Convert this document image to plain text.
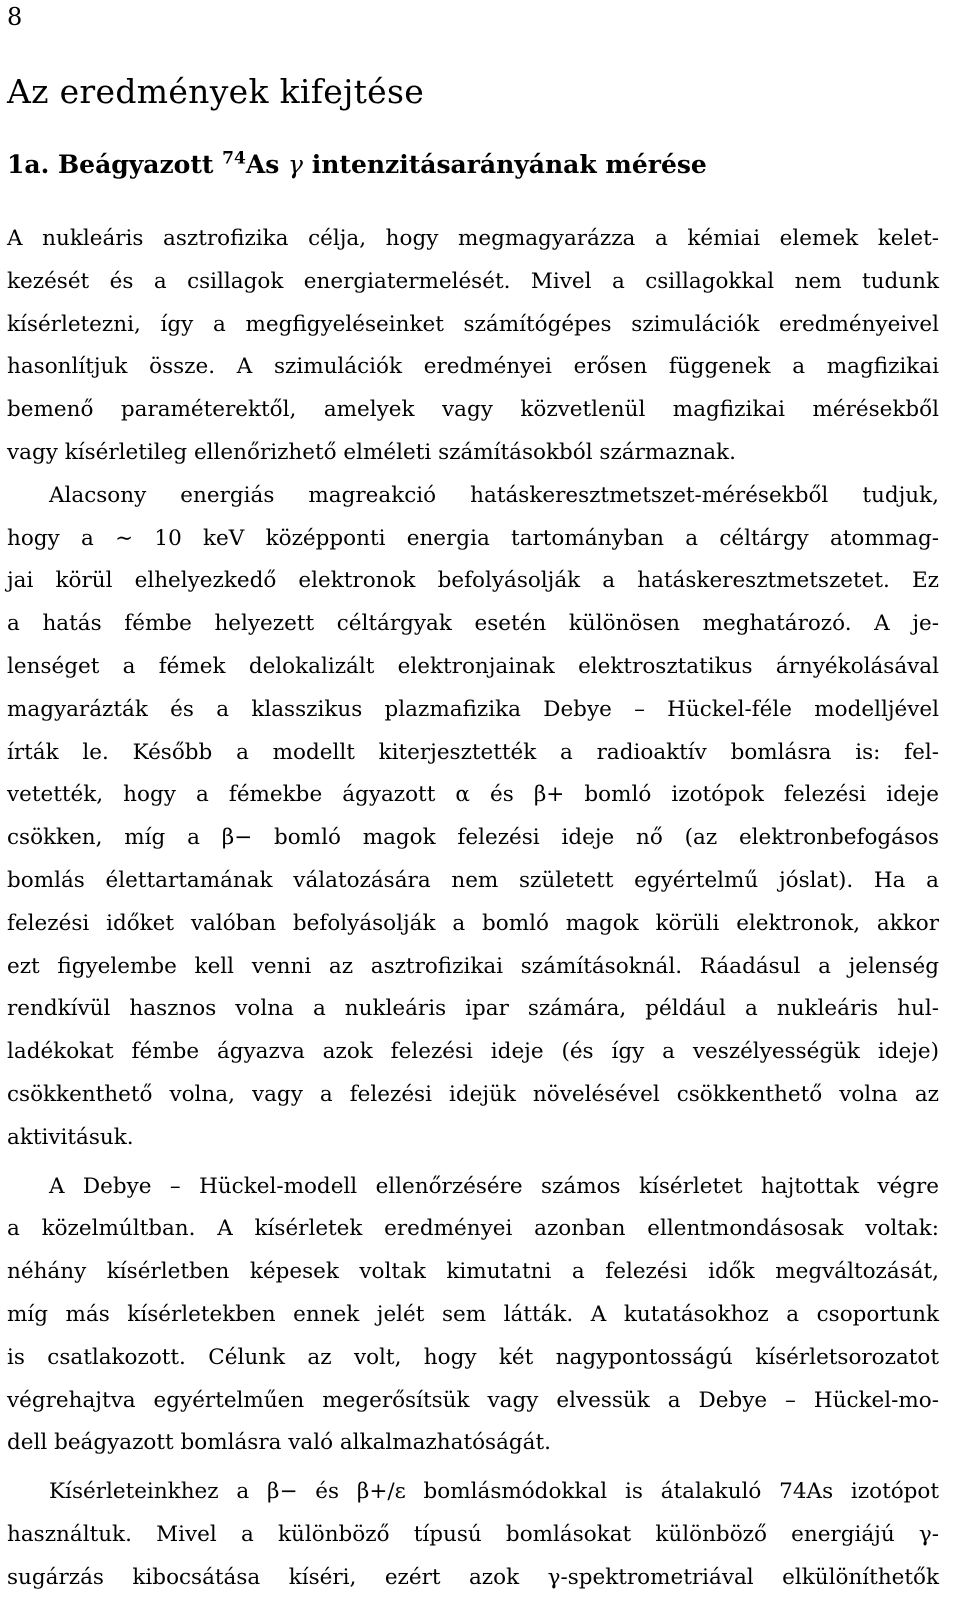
8
Az eredmények kifejtése
1a. Beágyazott $^{74}$As γ intenzitásarányának mérése
A nukleáris asztrofizika célja, hogy megmagyarázza a kémiai elemek kelet-
kezését és a csillagok energiatermelését. Mivel a csillagokkal nem tudunk
kísérletezni, így a megfigyeléseinket számítógépes szimulációk eredményeivel
hasonlítjuk össze. A szimulációk eredményei erősen függenek a magfizikai
bemenő paraméterektől, amelyek vagy közvetlenül magfizikai mérésekből
vagy kísérletileg ellenőrizhető elméleti számításokból származnak.
Alacsony energiás magreakció hatáskeresztmetszet-mérésekből tudjuk,
hogy a ∼ 10 keV középponti energia tartományban a céltárgy atommag-
jai körül elhelyezkedő elektronok befolyásolják a hatáskeresztmetszetet. Ez
a hatás fémbe helyezett céltárgyak esetén különösen meghatározó. A je-
lenséget a fémek delokalizált elektronjainak elektrosztatikus árnyékolásával
magyarázták és a klasszikus plazmafizika Debye – Hückel-féle modelljével
írták le. Később a modellt kiterjesztették a radioaktív bomlásra is: fel-
vetették, hogy a fémekbe ágyazott α és β+ bomló izotópok felezési ideje
csökken, míg a β− bomló magok felezési ideje nő (az elektronbefogásos
bomlás élettartamának válatozására nem született egyértelmű jóslat). Ha a
felezési időket valóban befolyásolják a bomló magok körüli elektronok, akkor
ezt figyelembe kell venni az asztrofizikai számításoknál. Ráadásul a jelenség
rendkívül hasznos volna a nukleáris ipar számára, például a nukleáris hul-
ladékokat fémbe ágyazva azok felezési ideje (és így a veszélyességük ideje)
csökkenthető volna, vagy a felezési idejük növelésével csökkenthető volna az
aktivitásuk.
A Debye – Hückel-modell ellenőrzésére számos kísérletet hajtottak végre
a közelmúltban. A kísérletek eredményei azonban ellentmondásosak voltak:
néhány kísérletben képesek voltak kimutatni a felezési idők megváltozását,
míg más kísérletekben ennek jelét sem látták. A kutatásokhoz a csoportunk
is csatlakozott. Célunk az volt, hogy két nagypontosságú kísérletsorozatot
végrehajtva egyértelműen megerősítsük vagy elvessük a Debye – Hückel-mo-
dell beágyazott bomlásra való alkalmazhatóságát.
Kísérleteinkhez a β− és β+/ε bomlásmódokkal is átalakuló 74As izotópot
használtuk. Mivel a különböző típusú bomlásokat különböző energiájú γ-
sugárzás kibocsátása kíséri, ezért azok γ-spektrometriával elkülöníthetők
